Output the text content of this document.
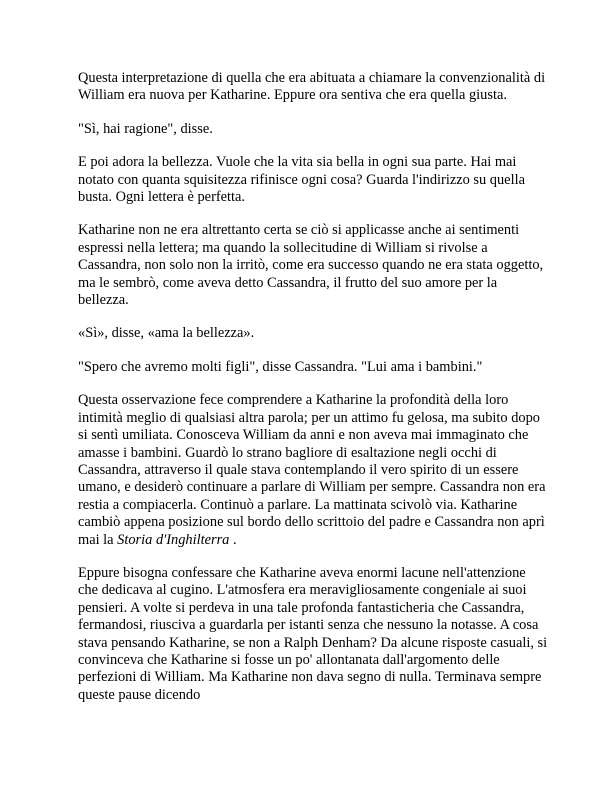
Questa interpretazione di quella che era abituata a chiamare la convenzionalità di William era nuova per Katharine. Eppure ora sentiva che era quella giusta.

"Sì, hai ragione", disse.

E poi adora la bellezza. Vuole che la vita sia bella in ogni sua parte. Hai mai notato con quanta squisitezza rifinisce ogni cosa? Guarda l'indirizzo su quella busta. Ogni lettera è perfetta.

Katharine non ne era altrettanto certa se ciò si applicasse anche ai sentimenti espressi nella lettera; ma quando la sollecitudine di William si rivolse a Cassandra, non solo non la irritò, come era successo quando ne era stata oggetto, ma le sembrò, come aveva detto Cassandra, il frutto del suo amore per la bellezza.

«Sì», disse, «ama la bellezza».

"Spero che avremo molti figli", disse Cassandra. "Lui ama i bambini."

Questa osservazione fece comprendere a Katharine la profondità della loro intimità meglio di qualsiasi altra parola; per un attimo fu gelosa, ma subito dopo si sentì umiliata. Conosceva William da anni e non aveva mai immaginato che amasse i bambini. Guardò lo strano bagliore di esaltazione negli occhi di Cassandra, attraverso il quale stava contemplando il vero spirito di un essere umano, e desiderò continuare a parlare di William per sempre. Cassandra non era restia a compiacerla. Continuò a parlare. La mattinata scivolò via. Katharine cambiò appena posizione sul bordo dello scrittoio del padre e Cassandra non aprì mai la Storia d'Inghilterra .

Eppure bisogna confessare che Katharine aveva enormi lacune nell'attenzione che dedicava al cugino. L'atmosfera era meravigliosamente congeniale ai suoi pensieri. A volte si perdeva in una tale profonda fantasticheria che Cassandra, fermandosi, riusciva a guardarla per istanti senza che nessuno la notasse. A cosa stava pensando Katharine, se non a Ralph Denham? Da alcune risposte casuali, si convinceva che Katharine si fosse un po' allontanata dall'argomento delle perfezioni di William. Ma Katharine non dava segno di nulla. Terminava sempre queste pause dicendo
